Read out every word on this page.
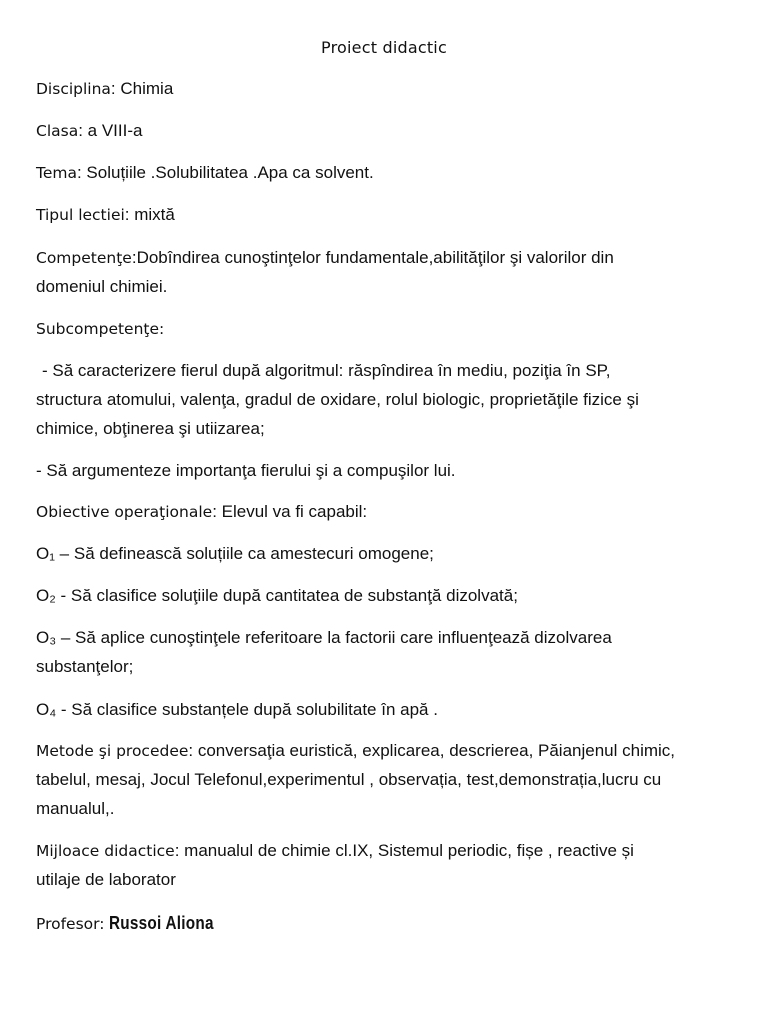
Proiect didactic
Disciplina: Chimia
Clasa: a VIII-a
Tema: Soluțiile .Solubilitatea .Apa ca solvent.
Tipul lectiei: mixtă
Competenţe:Dobîndirea cunoştinţelor fundamentale,abilităţilor şi valorilor din
domeniul chimiei.
Subcompetenţe:
- Să caracterizere fierul după algoritmul: răspîndirea în mediu, poziţia în SP,
structura atomului, valenţa, gradul de oxidare, rolul biologic, proprietăţile fizice şi
chimice, obţinerea şi utiizarea;
- Să argumenteze importanţa fierului şi a compuşilor lui.
Obiective operaţionale: Elevul va fi capabil:
O₁ – Să definească soluțiile ca amestecuri omogene;
O₂ - Să clasifice soluţiile după cantitatea de substanţă dizolvată;
O₃ – Să aplice cunoştinţele referitoare la factorii care influenţează dizolvarea
substanţelor;
O₄ - Să clasifice substanțele după solubilitate în apă .
Metode şi procedee: conversaţia euristică, explicarea, descrierea, Păianjenul chimic,
tabelul, mesaj, Jocul Telefonul,experimentul , observația, test,demonstrația,lucru cu
manualul,.
Mijloace didactice: manualul de chimie cl.IX, Sistemul periodic, fișe , reactive și
utilaje de laborator
Profesor: Russoi Aliona
